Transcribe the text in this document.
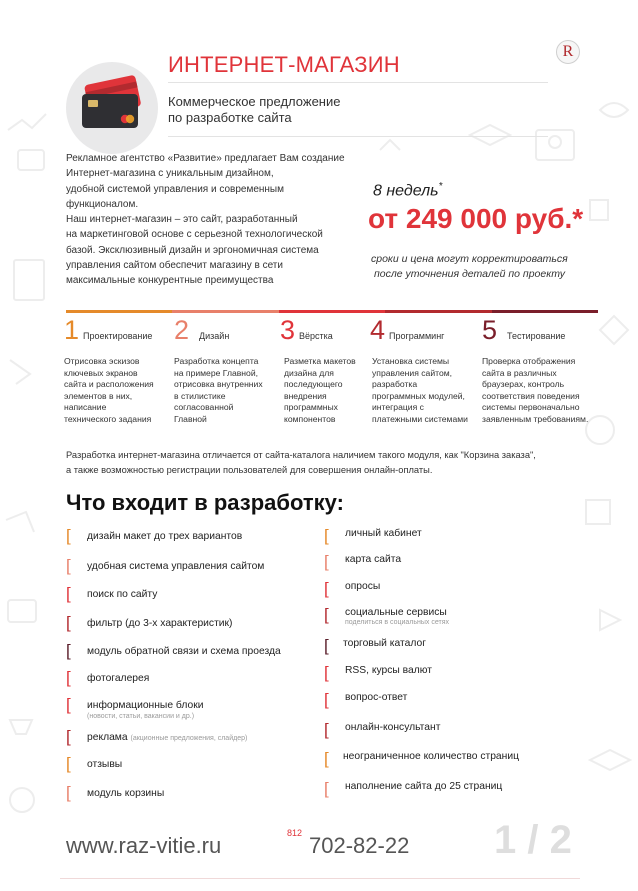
ИНТЕРНЕТ-МАГАЗИН
Коммерческое предложение
по разработке сайта
R
Рекламное агентство «Развитие» предлагает Вам создание
Интернет-магазина с уникальным дизайном,
удобной системой управления и современным
функционалом.
Наш интернет-магазин – это сайт, разработанный
на маркетинговой основе с серьезной технологической
базой. Эксклюзивный дизайн и эргономичная система
управления сайтом обеспечит магазину в сети
максимальные конкурентные преимущества
8 недель*
от 249 000 руб.*
сроки и цена могут корректироваться
после уточнения деталей по проекту
1 Проектирование
Отрисовка эскизов
ключевых экранов
сайта и расположения
элементов в них,
написание
технического задания
2 Дизайн
Разработка концепта
на примере Главной,
отрисовка внутренних
в стилистике
согласованной
Главной
3 Вёрстка
Разметка макетов
дизайна для
последующего
внедрения
программных
компонентов
4 Программинг
Установка системы
управления сайтом,
разработка
программных модулей,
интеграция с
платежными системами
5 Тестирование
Проверка отображения
сайта в различных
браузерах, контроль
соответствия поведения
системы первоначально
заявленным требованиям.
Разработка интернет-магазина отличается от сайта-каталога наличием такого модуля, как "Корзина заказа",
а также возможностью регистрации пользователей для совершения онлайн-оплаты.
Что входит в разработку:
[ дизайн макет до трех вариантов
[ удобная система управления сайтом
[ поиск по сайту
[ фильтр (до 3-х характеристик)
[ модуль обратной связи и схема проезда
[ фотогалерея
[ информационные блоки
(новости, статьи, вакансии и др.)
[ реклама (акционные предложения, слайдер)
[ отзывы
[ модуль корзины
[ личный кабинет
[ карта сайта
[ опросы
[ социальные сервисы
поделиться в социальных сетях
[ торговый каталог
[ RSS, курсы валют
[ вопрос-ответ
[ онлайн-консультант
[ неограниченное количество страниц
[ наполнение сайта до 25 страниц
www.raz-vitie.ru	812 702-82-22 1 / 2
